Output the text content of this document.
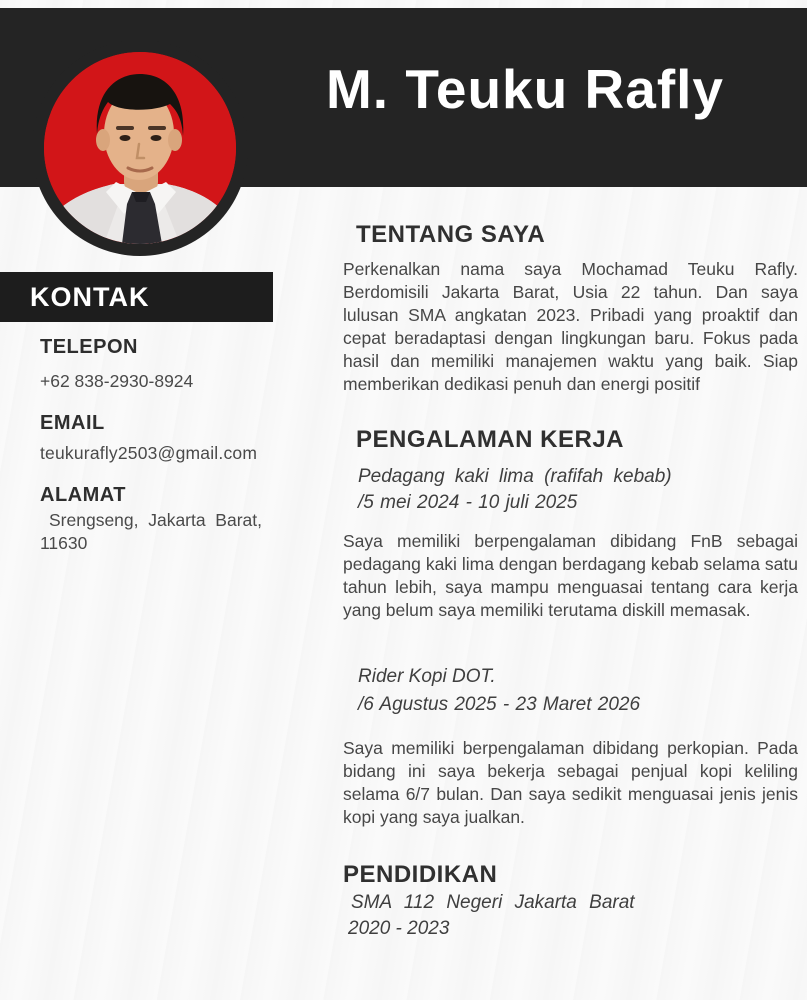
M. Teuku Rafly
KONTAK
TELEPON
+62 838-2930-8924
EMAIL
teukurafly2503@gmail.com
ALAMAT
Srengseng, Jakarta Barat, 11630
TENTANG SAYA
Perkenalkan nama saya Mochamad Teuku Rafly. Berdomisili Jakarta Barat, Usia 22 tahun. Dan saya lulusan SMA angkatan 2023. Pribadi yang proaktif dan cepat beradaptasi dengan lingkungan baru. Fokus pada hasil dan memiliki manajemen waktu yang baik. Siap memberikan dedikasi penuh dan energi positif
PENGALAMAN KERJA
Pedagang kaki lima (rafifah kebab)
/5 mei 2024 - 10 juli 2025
Saya memiliki berpengalaman dibidang FnB sebagai pedagang kaki lima dengan berdagang kebab selama satu tahun lebih, saya mampu menguasai tentang cara kerja yang belum saya memiliki terutama diskill memasak.
Rider Kopi DOT.
/6 Agustus 2025 - 23 Maret 2026
Saya memiliki berpengalaman dibidang perkopian. Pada bidang ini saya bekerja sebagai penjual kopi keliling selama 6/7 bulan. Dan saya sedikit menguasai jenis jenis kopi yang saya jualkan.
PENDIDIKAN
SMA 112 Negeri Jakarta Barat
2020 - 2023
